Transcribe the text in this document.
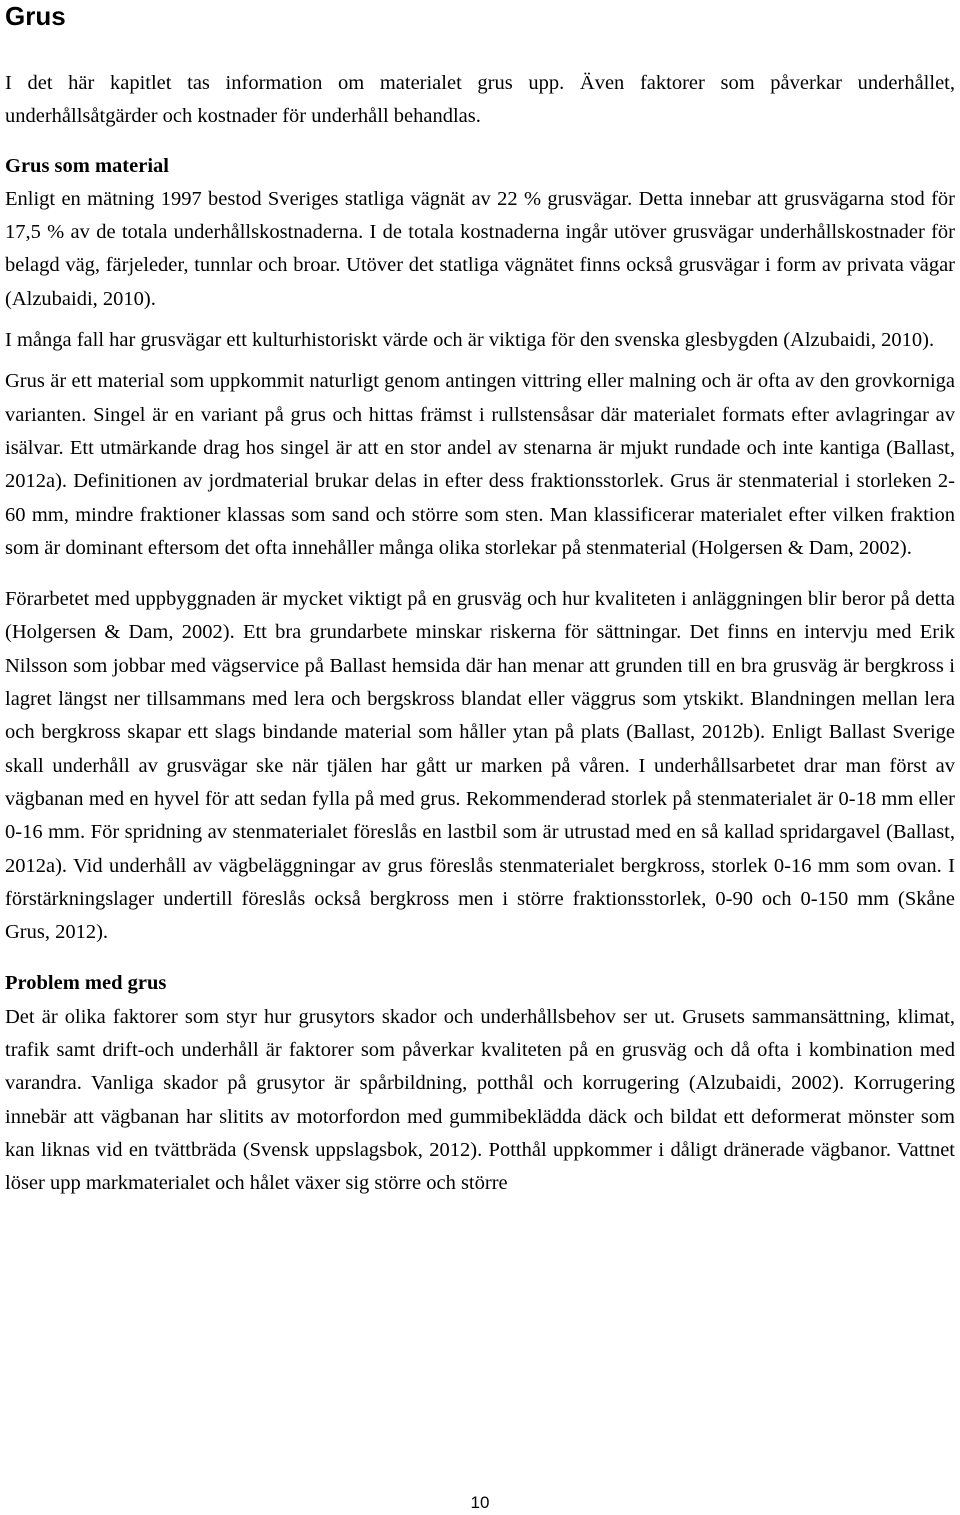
Grus

I det här kapitlet tas information om materialet grus upp. Även faktorer som påverkar underhållet, underhållsåtgärder och kostnader för underhåll behandlas.

Grus som material

Enligt en mätning 1997 bestod Sveriges statliga vägnät av 22 % grusvägar. Detta innebar att grusvägarna stod för 17,5 % av de totala underhållskostnaderna. I de totala kostnaderna ingår utöver grusvägar underhållskostnader för belagd väg, färjeleder, tunnlar och broar. Utöver det statliga vägnätet finns också grusvägar i form av privata vägar (Alzubaidi, 2010).

I många fall har grusvägar ett kulturhistoriskt värde och är viktiga för den svenska glesbygden (Alzubaidi, 2010).

Grus är ett material som uppkommit naturligt genom antingen vittring eller malning och är ofta av den grovkorniga varianten. Singel är en variant på grus och hittas främst i rullstensåsar där materialet formats efter avlagringar av isälvar. Ett utmärkande drag hos singel är att en stor andel av stenarna är mjukt rundade och inte kantiga (Ballast, 2012a). Definitionen av jordmaterial brukar delas in efter dess fraktionsstorlek. Grus är stenmaterial i storleken 2-60 mm, mindre fraktioner klassas som sand och större som sten. Man klassificerar materialet efter vilken fraktion som är dominant eftersom det ofta innehåller många olika storlekar på stenmaterial (Holgersen & Dam, 2002).

Förarbetet med uppbyggnaden är mycket viktigt på en grusväg och hur kvaliteten i anläggningen blir beror på detta (Holgersen & Dam, 2002). Ett bra grundarbete minskar riskerna för sättningar. Det finns en intervju med Erik Nilsson som jobbar med vägservice på Ballast hemsida där han menar att grunden till en bra grusväg är bergkross i lagret längst ner tillsammans med lera och bergskross blandat eller väggrus som ytskikt. Blandningen mellan lera och bergkross skapar ett slags bindande material som håller ytan på plats (Ballast, 2012b). Enligt Ballast Sverige skall underhåll av grusvägar ske när tjälen har gått ur marken på våren. I underhållsarbetet drar man först av vägbanan med en hyvel för att sedan fylla på med grus. Rekommenderad storlek på stenmaterialet är 0-18 mm eller 0-16 mm. För spridning av stenmaterialet föreslås en lastbil som är utrustad med en så kallad spridargavel (Ballast, 2012a). Vid underhåll av vägbeläggningar av grus föreslås stenmaterialet bergkross, storlek 0-16 mm som ovan. I förstärkningslager undertill föreslås också bergkross men i större fraktionsstorlek, 0-90 och 0-150 mm (Skåne Grus, 2012).

Problem med grus

Det är olika faktorer som styr hur grusytors skador och underhållsbehov ser ut. Grusets sammansättning, klimat, trafik samt drift-och underhåll är faktorer som påverkar kvaliteten på en grusväg och då ofta i kombination med varandra. Vanliga skador på grusytor är spårbildning, potthål och korrugering (Alzubaidi, 2002). Korrugering innebär att vägbanan har slitits av motorfordon med gummibeklädda däck och bildat ett deformerat mönster som kan liknas vid en tvättbräda (Svensk uppslagsbok, 2012). Potthål uppkommer i dåligt dränerade vägbanor. Vattnet löser upp markmaterialet och hålet växer sig större och större

10
